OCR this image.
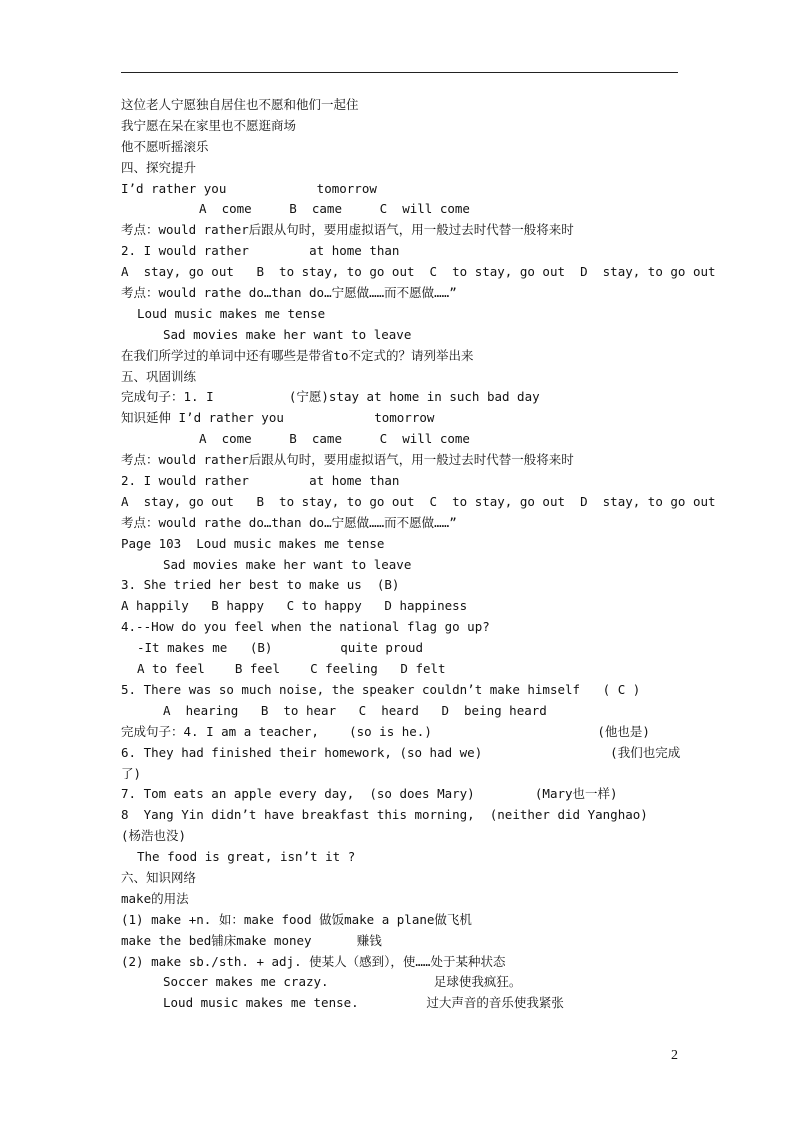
这位老人宁愿独自居住也不愿和他们一起住
我宁愿在呆在家里也不愿逛商场
他不愿听摇滚乐
四、探究提升
I’d rather you            tomorrow
A  come     B  came     C  will come
考点：would rather后跟从句时，要用虚拟语气，用一般过去时代替一般将来时
2. I would rather        at home than
A  stay, go out   B  to stay, to go out  C  to stay, go out  D  stay, to go out
考点：would rathe do…than do…宁愿做……而不愿做……”
Loud music makes me tense
Sad movies make her want to leave
在我们所学过的单词中还有哪些是带省to不定式的？请列举出来
五、巩固训练
完成句子：1. I          (宁愿)stay at home in such bad day
知识延伸 I’d rather you            tomorrow
A  come     B  came     C  will come
考点：would rather后跟从句时，要用虚拟语气，用一般过去时代替一般将来时
2. I would rather        at home than
A  stay, go out   B  to stay, to go out  C  to stay, go out  D  stay, to go out
考点：would rathe do…than do…宁愿做……而不愿做……”
Page 103  Loud music makes me tense
Sad movies make her want to leave
3. She tried her best to make us  (B)
A happily   B happy   C to happy   D happiness
4.--How do you feel when the national flag go up?
-It makes me   (B)         quite proud
A to feel    B feel    C feeling   D felt
5. There was so much noise, the speaker couldn’t make himself   ( C )
A  hearing   B  to hear   C  heard   D  being heard
完成句子：4. I am a teacher,    (so is he.)                      (他也是)
6. They had finished their homework, (so had we)                 (我们也完成
了)
7. Tom eats an apple every day,  (so does Mary)        (Mary也一样)
8  Yang Yin didn’t have breakfast this morning,  (neither did Yanghao)
(杨浩也没)
The food is great, isn’t it ?
六、知识网络
make的用法
(1) make +n. 如：make food 做饭make a plane做飞机
make the bed铺床make money      赚钱
(2) make sb./sth. + adj. 使某人（感到），使……处于某种状态
Soccer makes me crazy.              足球使我疯狂。
Loud music makes me tense.         过大声音的音乐使我紧张
2
